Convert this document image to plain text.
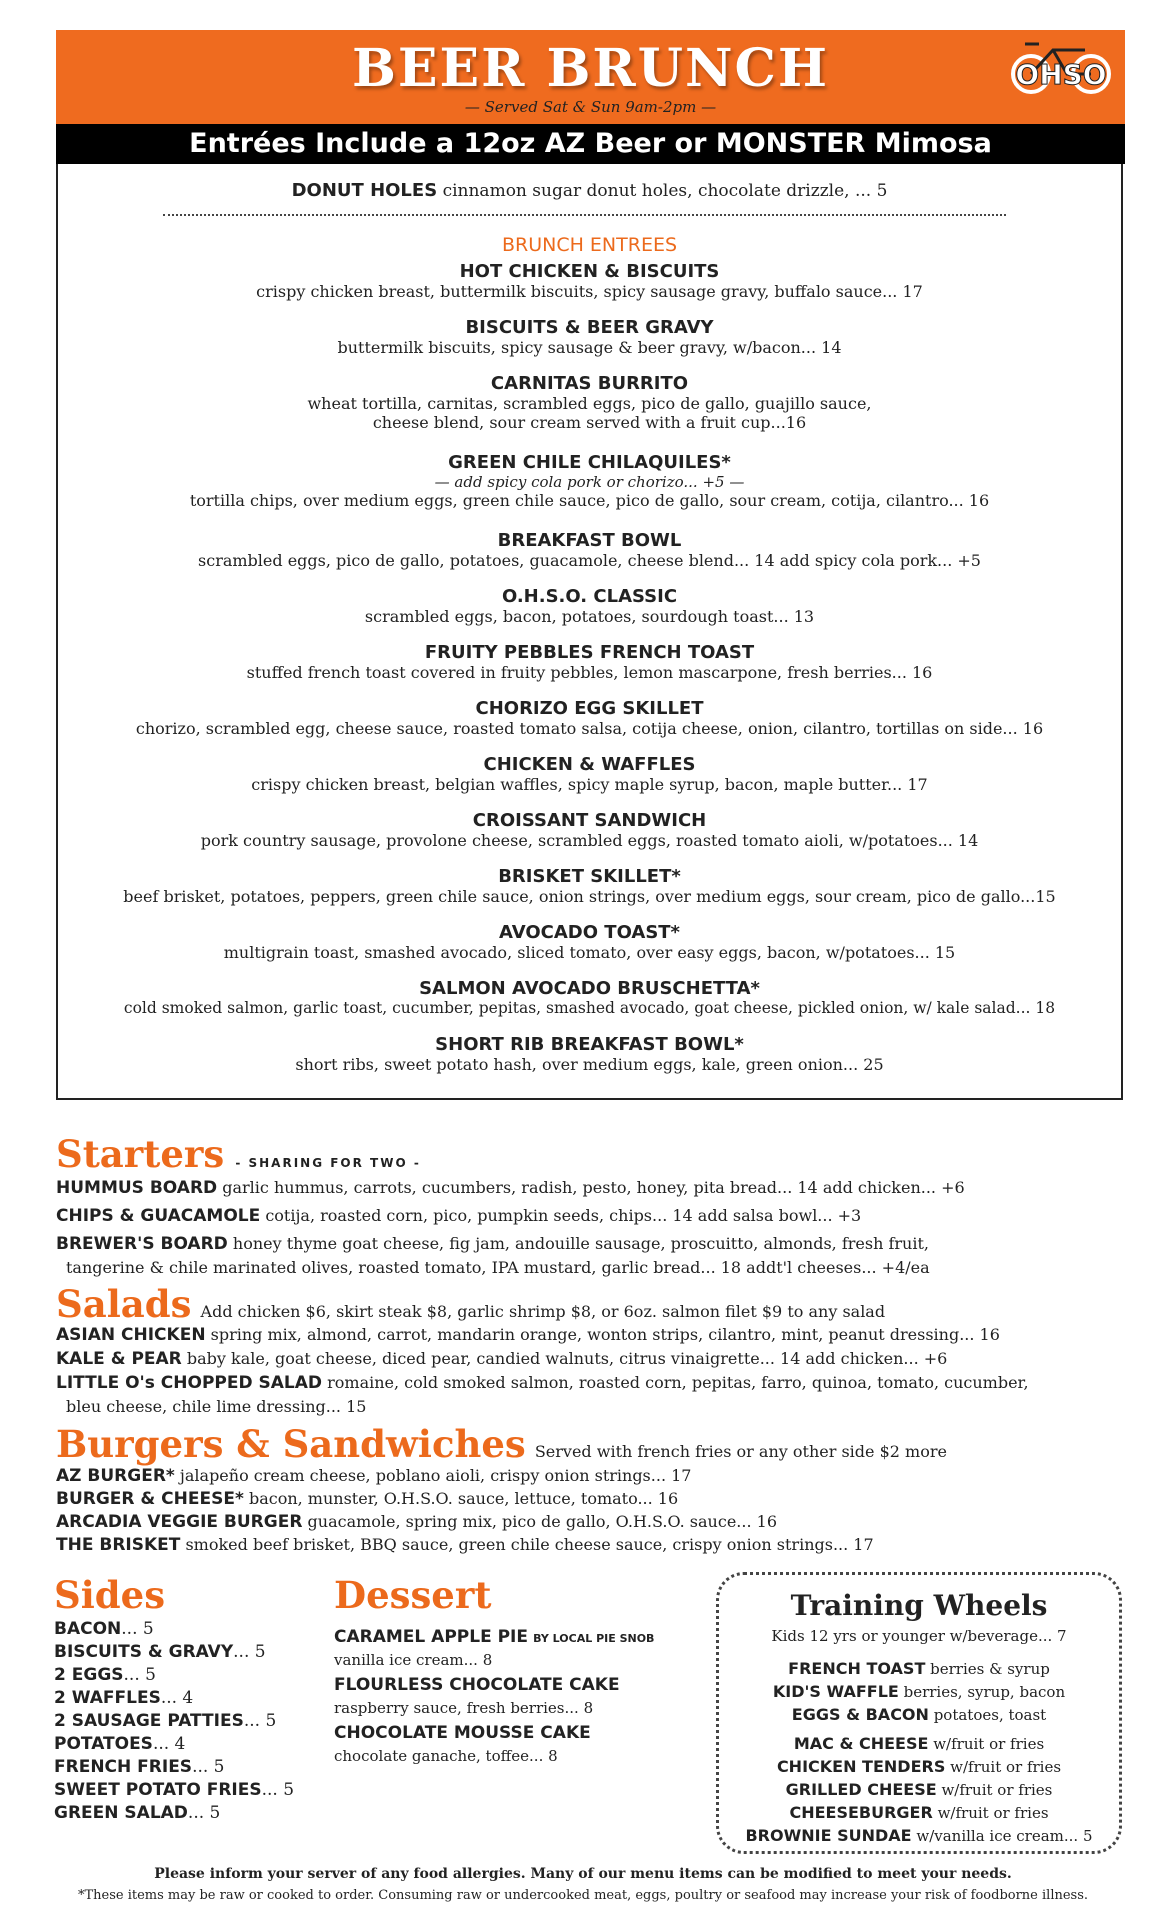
BEER BRUNCH
— Served Sat & Sun 9am-2pm —
OHSO
Entrées Include a 12oz AZ Beer or MONSTER Mimosa
DONUT HOLES cinnamon sugar donut holes, chocolate drizzle, ... 5
BRUNCH ENTREES
HOT CHICKEN & BISCUITS
crispy chicken breast, buttermilk biscuits, spicy sausage gravy, buffalo sauce... 17
BISCUITS & BEER GRAVY
buttermilk biscuits, spicy sausage & beer gravy, w/bacon... 14
CARNITAS BURRITO
wheat tortilla, carnitas, scrambled eggs, pico de gallo, guajillo sauce,
cheese blend, sour cream served with a fruit cup...16
GREEN CHILE CHILAQUILES*
— add spicy cola pork or chorizo... +5 —
tortilla chips, over medium eggs, green chile sauce, pico de gallo, sour cream, cotija, cilantro... 16
BREAKFAST BOWL
scrambled eggs, pico de gallo, potatoes, guacamole, cheese blend... 14 add spicy cola pork... +5
O.H.S.O. CLASSIC
scrambled eggs, bacon, potatoes, sourdough toast... 13
FRUITY PEBBLES FRENCH TOAST
stuffed french toast covered in fruity pebbles, lemon mascarpone, fresh berries... 16
CHORIZO EGG SKILLET
chorizo, scrambled egg, cheese sauce, roasted tomato salsa, cotija cheese, onion, cilantro, tortillas on side... 16
CHICKEN & WAFFLES
crispy chicken breast, belgian waffles, spicy maple syrup, bacon, maple butter... 17
CROISSANT SANDWICH
pork country sausage, provolone cheese, scrambled eggs, roasted tomato aioli, w/potatoes... 14
BRISKET SKILLET*
beef brisket, potatoes, peppers, green chile sauce, onion strings, over medium eggs, sour cream, pico de gallo...15
AVOCADO TOAST*
multigrain toast, smashed avocado, sliced tomato, over easy eggs, bacon, w/potatoes... 15
SALMON AVOCADO BRUSCHETTA*
cold smoked salmon, garlic toast, cucumber, pepitas, smashed avocado, goat cheese, pickled onion, w/ kale salad... 18
SHORT RIB BREAKFAST BOWL*
short ribs, sweet potato hash, over medium eggs, kale, green onion... 25
Starters - SHARING FOR TWO -
HUMMUS BOARD garlic hummus, carrots, cucumbers, radish, pesto, honey, pita bread... 14 add chicken... +6
CHIPS & GUACAMOLE cotija, roasted corn, pico, pumpkin seeds, chips... 14 add salsa bowl... +3
BREWER'S BOARD honey thyme goat cheese, fig jam, andouille sausage, proscuitto, almonds, fresh fruit,
tangerine & chile marinated olives, roasted tomato, IPA mustard, garlic bread... 18 addt'l cheeses... +4/ea
Salads Add chicken $6, skirt steak $8, garlic shrimp $8, or 6oz. salmon filet $9 to any salad
ASIAN CHICKEN spring mix, almond, carrot, mandarin orange, wonton strips, cilantro, mint, peanut dressing... 16
KALE & PEAR baby kale, goat cheese, diced pear, candied walnuts, citrus vinaigrette... 14 add chicken... +6
LITTLE O's CHOPPED SALAD romaine, cold smoked salmon, roasted corn, pepitas, farro, quinoa, tomato, cucumber,
bleu cheese, chile lime dressing... 15
Burgers & Sandwiches Served with french fries or any other side $2 more
AZ BURGER* jalapeño cream cheese, poblano aioli, crispy onion strings... 17
BURGER & CHEESE* bacon, munster, O.H.S.O. sauce, lettuce, tomato... 16
ARCADIA VEGGIE BURGER guacamole, spring mix, pico de gallo, O.H.S.O. sauce... 16
THE BRISKET smoked beef brisket, BBQ sauce, green chile cheese sauce, crispy onion strings... 17
Sides
BACON... 5
BISCUITS & GRAVY... 5
2 EGGS... 5
2 WAFFLES... 4
2 SAUSAGE PATTIES... 5
POTATOES... 4
FRENCH FRIES... 5
SWEET POTATO FRIES... 5
GREEN SALAD... 5
Dessert
CARAMEL APPLE PIE BY LOCAL PIE SNOB
vanilla ice cream... 8
FLOURLESS CHOCOLATE CAKE
raspberry sauce, fresh berries... 8
CHOCOLATE MOUSSE CAKE
chocolate ganache, toffee... 8
Training Wheels
Kids 12 yrs or younger w/beverage... 7
FRENCH TOAST berries & syrup
KID'S WAFFLE berries, syrup, bacon
EGGS & BACON potatoes, toast
MAC & CHEESE w/fruit or fries
CHICKEN TENDERS w/fruit or fries
GRILLED CHEESE w/fruit or fries
CHEESEBURGER w/fruit or fries
BROWNIE SUNDAE w/vanilla ice cream... 5
Please inform your server of any food allergies. Many of our menu items can be modified to meet your needs.
*These items may be raw or cooked to order. Consuming raw or undercooked meat, eggs, poultry or seafood may increase your risk of foodborne illness.
